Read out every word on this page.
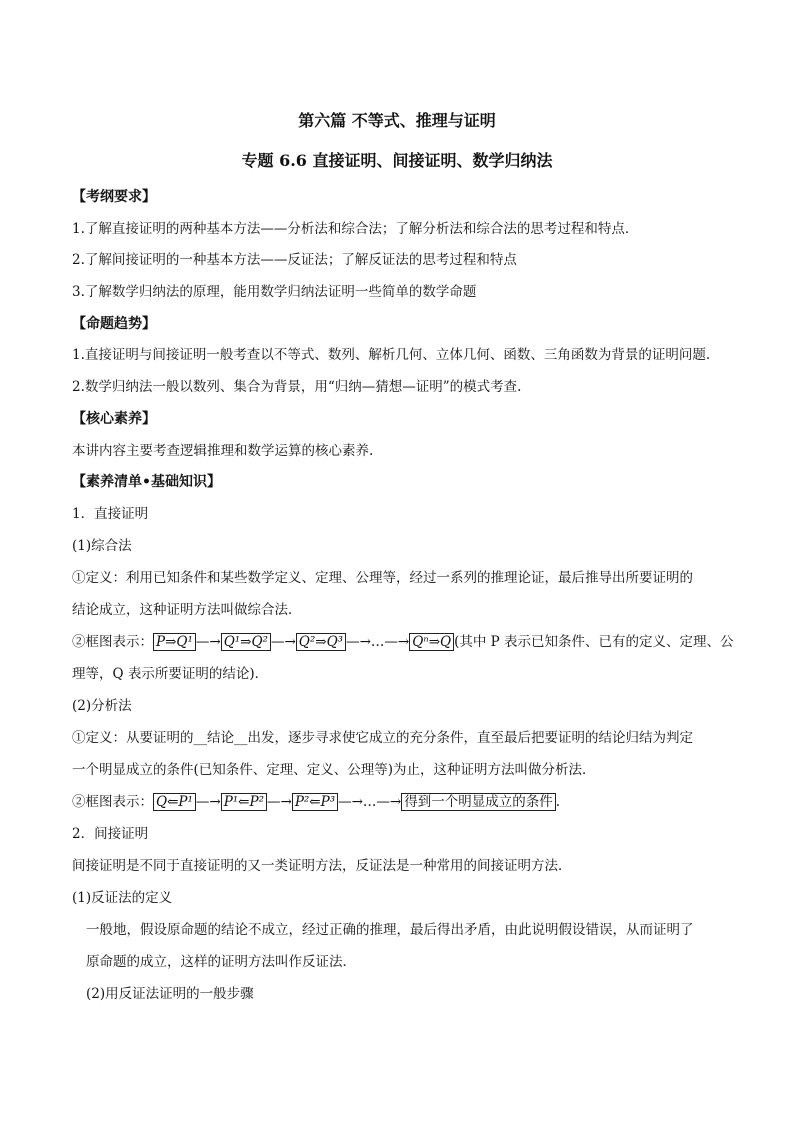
第六篇 不等式、推理与证明
专题 6.6 直接证明、间接证明、数学归纳法
【考纲要求】
1.了解直接证明的两种基本方法——分析法和综合法；了解分析法和综合法的思考过程和特点．
2.了解间接证明的一种基本方法——反证法；了解反证法的思考过程和特点
3.了解数学归纳法的原理，能用数学归纳法证明一些简单的数学命题
【命题趋势】
1.直接证明与间接证明一般考查以不等式、数列、解析几何、立体几何、函数、三角函数为背景的证明问题.
2.数学归纳法一般以数列、集合为背景，用“归纳—猜想—证明”的模式考查.
【核心素养】
本讲内容主要考查逻辑推理和数学运算的核心素养.
【素养清单•基础知识】
1．直接证明
(1)综合法
①定义：利用已知条件和某些数学定义、定理、公理等，经过一系列的推理论证，最后推导出所要证明的
结论成立，这种证明方法叫做综合法．
②框图表示： P⇒Q¹ —→ Q¹⇒Q² —→ Q²⇒Q³ —→…—→ Qⁿ⇒Q (其中 P 表示已知条件、已有的定义、定理、公
理等，Q 表示所要证明的结论)．
(2)分析法
①定义：从要证明的__结论__出发，逐步寻求使它成立的充分条件，直至最后把要证明的结论归结为判定
一个明显成立的条件(已知条件、定理、定义、公理等)为止，这种证明方法叫做分析法．
②框图表示： Q⇐P¹ —→ P¹⇐P² —→ P²⇐P³ —→…—→ 得到一个明显成立的条件 .
2．间接证明
间接证明是不同于直接证明的又一类证明方法，反证法是一种常用的间接证明方法．
(1)反证法的定义
一般地，假设原命题的结论不成立，经过正确的推理，最后得出矛盾，由此说明假设错误，从而证明了
原命题的成立，这样的证明方法叫作反证法．
(2)用反证法证明的一般步骤
